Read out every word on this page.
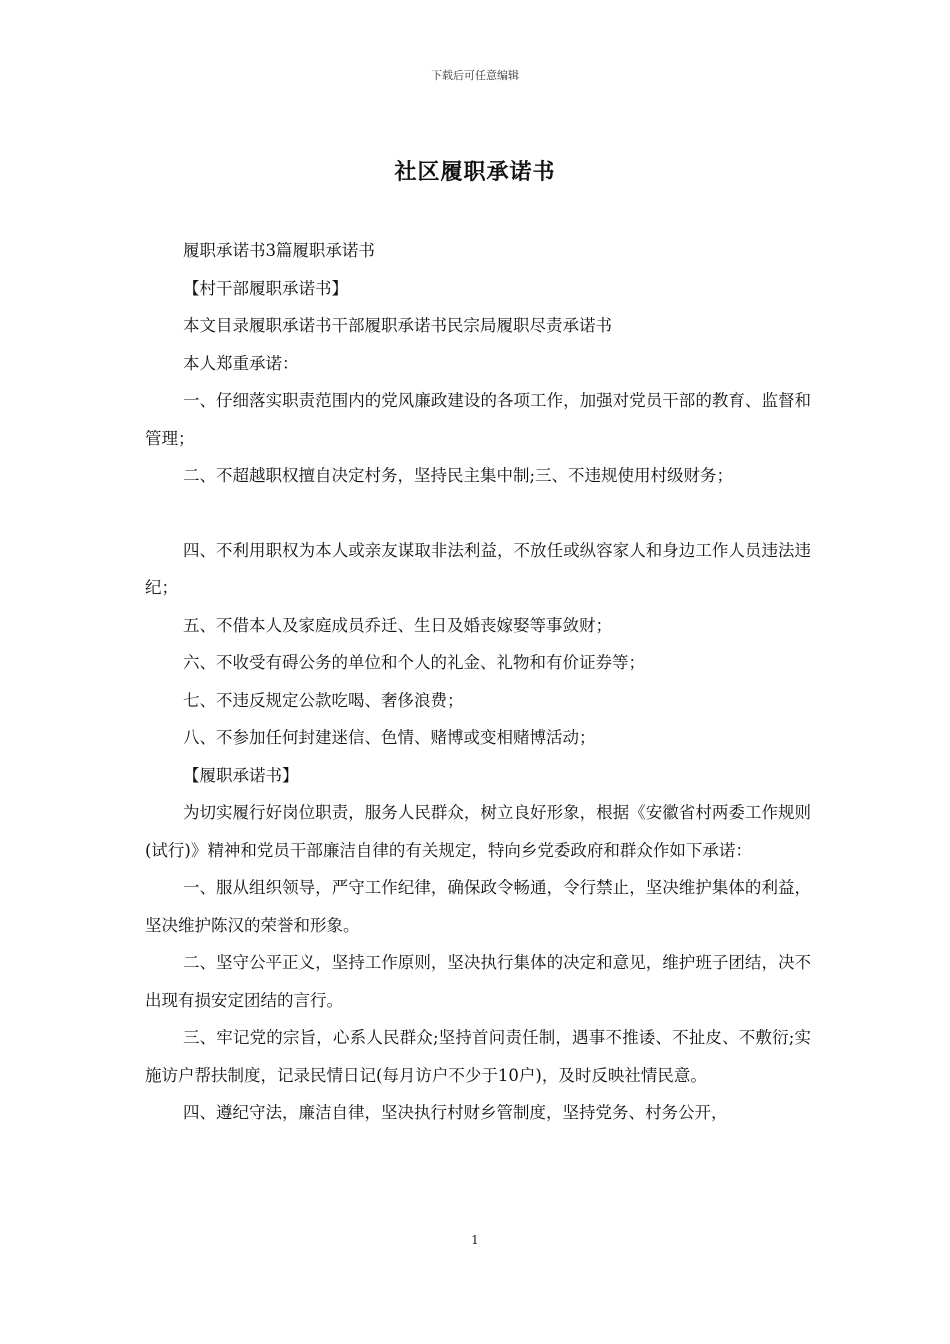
下载后可任意编辑
社区履职承诺书

履职承诺书3篇履职承诺书

【村干部履职承诺书】

本文目录履职承诺书干部履职承诺书民宗局履职尽责承诺书

本人郑重承诺：

一、仔细落实职责范围内的党风廉政建设的各项工作，加强对党员干部的教育、监督和管理；

二、不超越职权擅自决定村务，坚持民主集中制;三、不违规使用村级财务；

四、不利用职权为本人或亲友谋取非法利益，不放任或纵容家人和身边工作人员违法违纪；

五、不借本人及家庭成员乔迁、生日及婚丧嫁娶等事敛财；

六、不收受有碍公务的单位和个人的礼金、礼物和有价证券等；

七、不违反规定公款吃喝、奢侈浪费；

八、不参加任何封建迷信、色情、赌博或变相赌博活动；

【履职承诺书】

为切实履行好岗位职责，服务人民群众，树立良好形象，根据《安徽省村两委工作规则(试行)》精神和党员干部廉洁自律的有关规定，特向乡党委政府和群众作如下承诺：

一、服从组织领导，严守工作纪律，确保政令畅通，令行禁止，坚决维护集体的利益，坚决维护陈汉的荣誉和形象。

二、坚守公平正义，坚持工作原则，坚决执行集体的决定和意见，维护班子团结，决不出现有损安定团结的言行。

三、牢记党的宗旨，心系人民群众;坚持首问责任制，遇事不推诿、不扯皮、不敷衍;实施访户帮扶制度，记录民情日记(每月访户不少于10户)，及时反映社情民意。

四、遵纪守法，廉洁自律，坚决执行村财乡管制度，坚持党务、村务公开，

1
